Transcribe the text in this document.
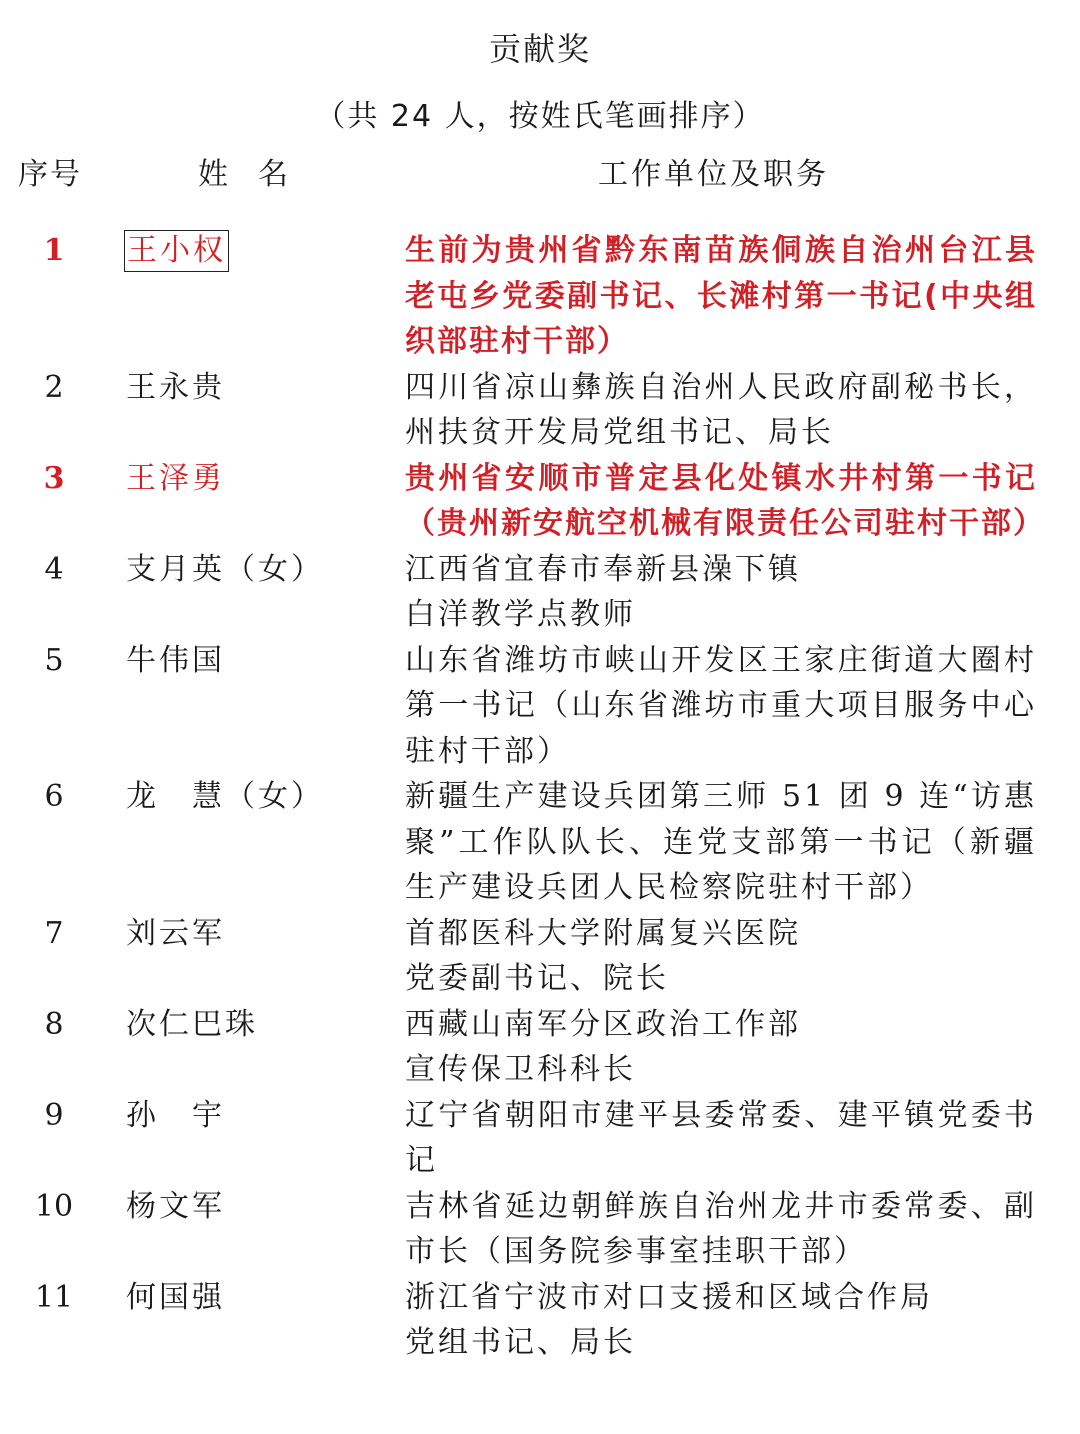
贡献奖
（共 24 人，按姓氏笔画排序）
序号	姓名	工作单位及职务
1	王小权	生前为贵州省黔东南苗族侗族自治州台江县老屯乡党委副书记、长滩村第一书记(中央组织部驻村干部）
2	王永贵	四川省凉山彝族自治州人民政府副秘书长，州扶贫开发局党组书记、局长
3	王泽勇	贵州省安顺市普定县化处镇水井村第一书记（贵州新安航空机械有限责任公司驻村干部）
4	支月英（女）	江西省宜春市奉新县澡下镇
白洋教学点教师
5	牛伟国	山东省潍坊市峡山开发区王家庄街道大圈村第一书记（山东省潍坊市重大项目服务中心驻村干部）
6	龙　慧（女）	新疆生产建设兵团第三师 51 团 9 连“访惠聚”工作队队长、连党支部第一书记（新疆生产建设兵团人民检察院驻村干部）
7	刘云军	首都医科大学附属复兴医院
党委副书记、院长
8	次仁巴珠	西藏山南军分区政治工作部
宣传保卫科科长
9	孙　宇	辽宁省朝阳市建平县委常委、建平镇党委书记
10	杨文军	吉林省延边朝鲜族自治州龙井市委常委、副市长（国务院参事室挂职干部）
11	何国强	浙江省宁波市对口支援和区域合作局
党组书记、局长
